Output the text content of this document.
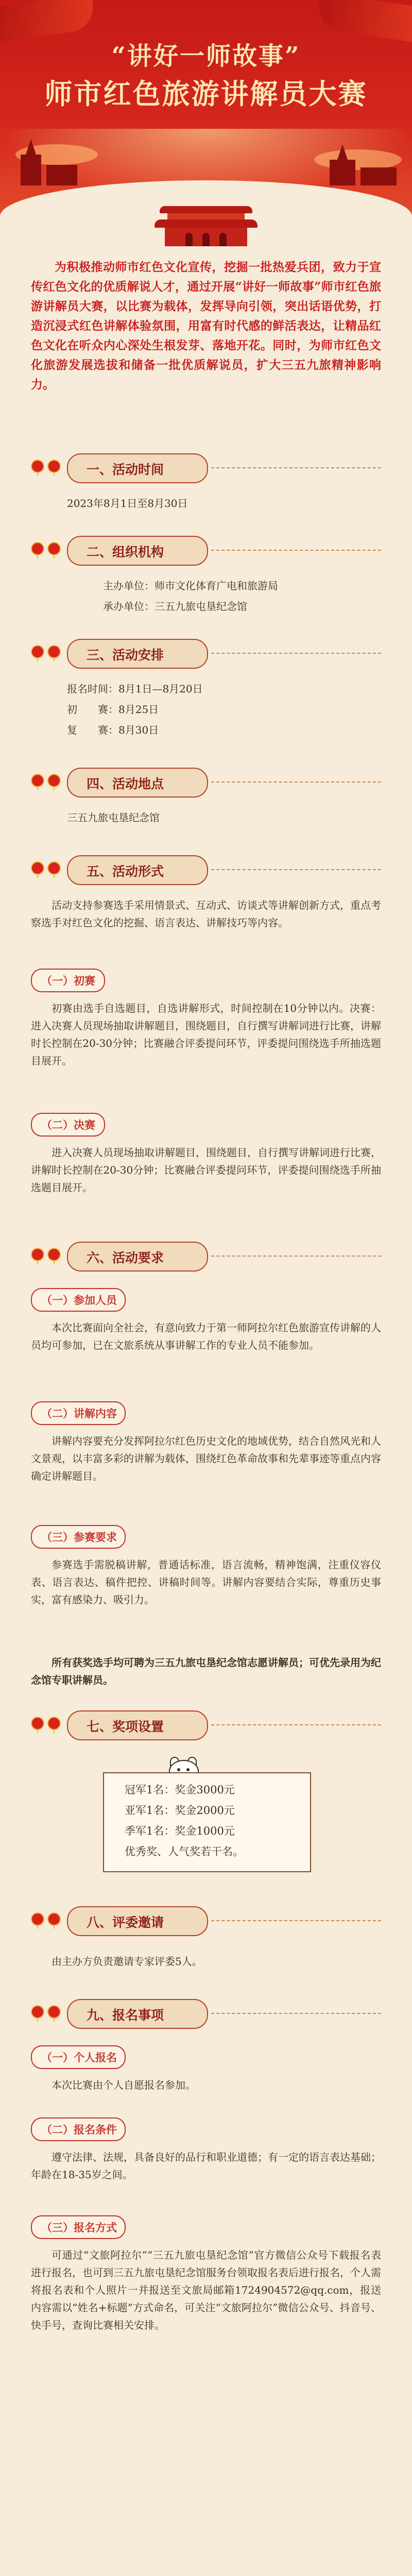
“讲好一师故事”
师市红色旅游讲解员大赛
为积极推动师市红色文化宣传，挖掘一批热爱兵团，致力于宣传红色文化的优质解说人才，通过开展“讲好一师故事”师市红色旅游讲解员大赛，以比赛为载体，发挥导向引领，突出话语优势，打造沉浸式红色讲解体验氛围，用富有时代感的鲜活表达，让精品红色文化在听众内心深处生根发芽、落地开花。同时，为师市红色文化旅游发展选拔和储备一批优质解说员，扩大三五九旅精神影响力。
一、活动时间
2023年8月1日至8月30日
二、组织机构
主办单位：师市文化体育广电和旅游局
承办单位：三五九旅屯垦纪念馆
三、活动安排
报名时间：8月1日—8月20日
初　　赛：8月25日
复　　赛：8月30日
四、活动地点
三五九旅屯垦纪念馆
五、活动形式
活动支持参赛选手采用情景式、互动式、访谈式等讲解创新方式，重点考察选手对红色文化的挖掘、语言表达、讲解技巧等内容。
（一）初赛
初赛由选手自选题目，自选讲解形式，时间控制在10分钟以内。决赛：进入决赛人员现场抽取讲解题目，围绕题目，自行撰写讲解词进行比赛，讲解时长控制在20-30分钟；比赛融合评委提问环节，评委提问围绕选手所抽选题目展开。
（二）决赛
进入决赛人员现场抽取讲解题目，围绕题目，自行撰写讲解词进行比赛，讲解时长控制在20-30分钟；比赛融合评委提问环节，评委提问围绕选手所抽选题目展开。
六、活动要求
（一）参加人员
本次比赛面向全社会，有意向致力于第一师阿拉尔红色旅游宣传讲解的人员均可参加，已在文旅系统从事讲解工作的专业人员不能参加。
（二）讲解内容
讲解内容要充分发挥阿拉尔红色历史文化的地域优势，结合自然风光和人文景观，以丰富多彩的讲解为载体，围绕红色革命故事和先辈事迹等重点内容确定讲解题目。
（三）参赛要求
参赛选手需脱稿讲解，普通话标准，语言流畅，精神饱满，注重仪容仪表、语言表达、稿件把控、讲稿时间等。讲解内容要结合实际，尊重历史事实，富有感染力、吸引力。
所有获奖选手均可聘为三五九旅屯垦纪念馆志愿讲解员；可优先录用为纪念馆专职讲解员。
七、奖项设置
冠军1名：奖金3000元
亚军1名：奖金2000元
季军1名：奖金1000元
优秀奖、人气奖若干名。
八、评委邀请
由主办方负责邀请专家评委5人。
九、报名事项
（一）个人报名
本次比赛由个人自愿报名参加。
（二）报名条件
遵守法律、法规，具备良好的品行和职业道德；有一定的语言表达基础；年龄在18-35岁之间。
（三）报名方式
可通过“文旅阿拉尔”“三五九旅屯垦纪念馆”官方微信公众号下载报名表进行报名，也可到三五九旅屯垦纪念馆服务台领取报名表后进行报名，个人需将报名表和个人照片一并报送至文旅局邮箱1724904572@qq.com，报送内容需以“姓名+标题”方式命名，可关注“文旅阿拉尔”微信公众号、抖音号、快手号，查询比赛相关安排。
